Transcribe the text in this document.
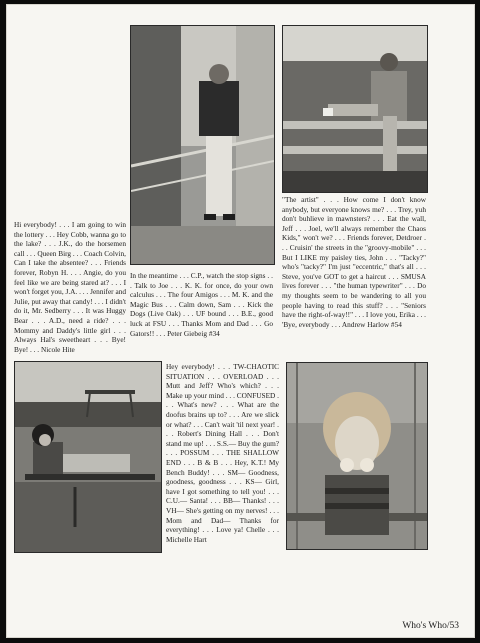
Hi everybody! . . . I am going to win the lottery . . . Hey Cobb, wanna go to the lake? . . . J.K., do the horsemen call . . . Queen Birg . . . Coach Colvin, Can I take the absentee? . . . Friends forever, Robyn H. . . . Angie, do you feel like we are being stared at? . . . I won't forget you, J.A. . . . Jennifer and Julie, put away that candy! . . . I didn't do it, Mr. Sedberry . . . It was Huggy Bear . . . A.D., need a ride? . . . Mommy and Daddy's little girl . . . Always Hal's sweetheart . . . Bye! Bye! . . . Nicole Hite

In the meantime . . . C.P., watch the stop signs . . . Talk to Joe . . . K. K. for once, do your own calculus . . . The four Amigos . . . M. K. and the Magic Bus . . . Calm down, Sam . . . Kick the Dogs (Live Oak) . . . UF bound . . . B.E., good luck at FSU . . . Thanks Mom and Dad . . . Go Gators!! . . . Peter Giebeig #34

"The artist" . . . How come I don't know anybody, but everyone knows me? . . . Trey, yuh don't buhlieve in mawnsters? . . . Eat the wall, Jeff . . . Joel, we'll always remember the Chaos Kids," won't we? . . . Friends forever, Detdroer . . . Cruisin' the streets in the "groovy-mobile" . . . But I LIKE my paisley ties, John . . . "Tacky?" who's "tacky?" I'm just "eccentric," that's all . . . Steve, you've GOT to get a haircut . . . SMUSA lives forever . . . "the human typewriter" . . . Do my thoughts seem to be wandering to all you people having to read this stuff? . . . "Seniors have the right-of-way!!" . . . I love you, Erika . . . 'Bye, everybody . . . Andrew Harlow #54

Hey everybody! . . . TW-CHAOTIC SITUATION . . . OVERLOAD . . . Mutt and Jeff? Who's which? . . . Make up your mind . . . CONFUSED . . . What's new? . . . What are the doofus brains up to? . . . Are we slick or what? . . . Can't wait 'til next year! . . . Robert's Dining Hall . . . Don't stand me up! . . . S.S.— Buy the gum? . . . POSSUM . . . THE SHALLOW END . . . B & B . . . Hey, K.T.! My Bench Buddy! . . . SM— Goodness, goodness, goodness . . . KS— Girl, have I got something to tell you! . . . C.U.— Santa! . . . BB— Thanks! . . . VH— She's getting on my nerves! . . . Mom and Dad— Thanks for everything! . . . Love ya! Chelle . . . Michelle Hart

Who's Who/53
